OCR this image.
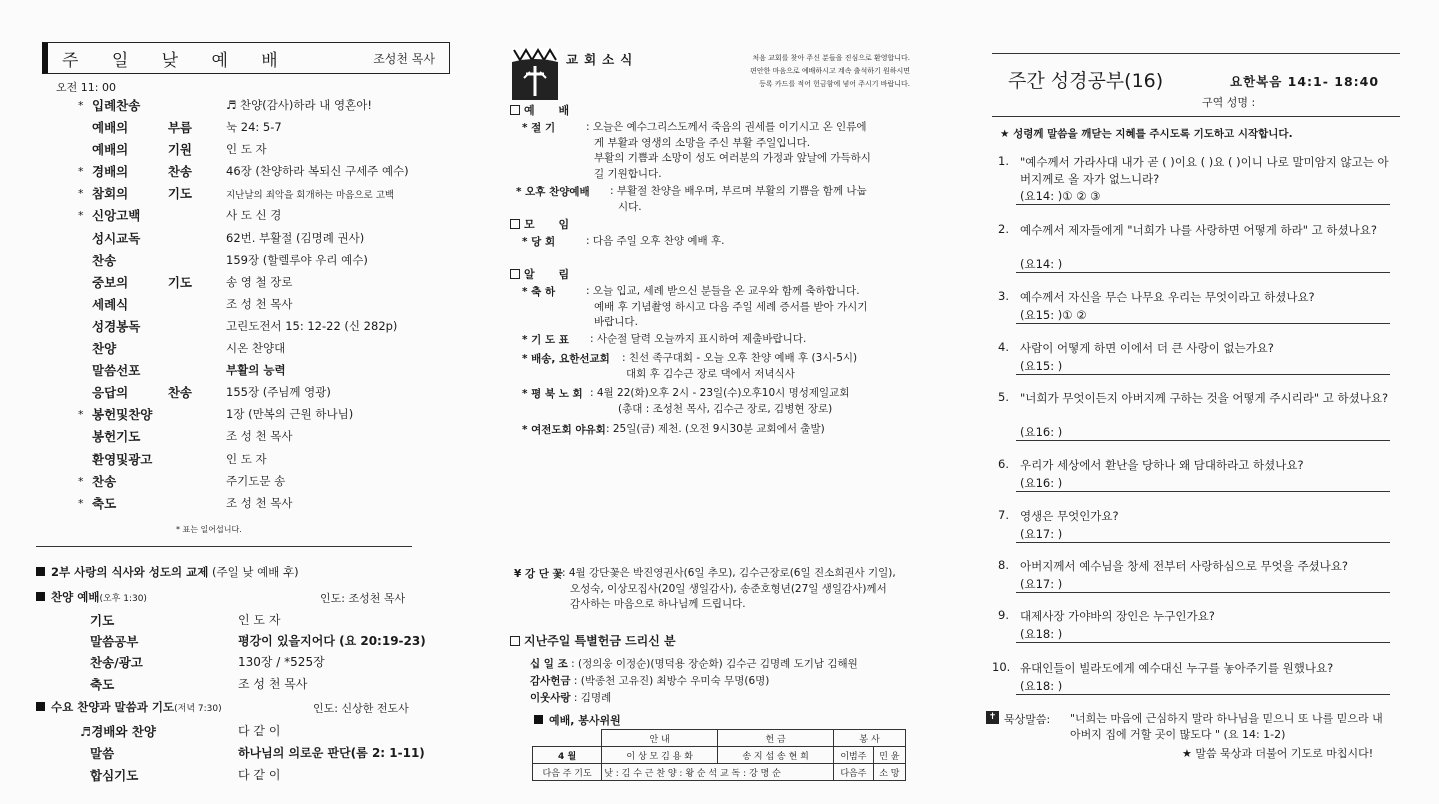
주 일 낮 예 배	조성천 목사
오전 11: 00
* 입례찬송	♬ 찬양(감사)하라 내 영혼아!
예배의 부름	눅 24: 5-7
예배의 기원	인 도 자
* 경배의 찬송	46장 (찬양하라 복되신 구세주 예수)
* 참회의 기도	지난날의 죄악을 회개하는 마음으로 고백
* 신앙고백	사 도 신 경
성시교독	62번. 부활절 (김명례 권사)
찬송	159장 (할렐루야 우리 예수)
중보의 기도	송 영 철 장로
세례식	조 성 천 목사
성경봉독	고린도전서 15: 12-22 (신 282p)
찬양	시온 찬양대
말씀선포	부활의 능력
응답의 찬송	155장 (주님께 영광)
* 봉헌및찬양	1장 (만복의 근원 하나님)
봉헌기도	조 성 천 목사
환영및광고	인 도 자
* 찬송	주기도문 송
* 축도	조 성 천 목사
* 표는 일어섭니다.
2부 사랑의 식사와 성도의 교제 (주일 낮 예배 후)
찬양 예배(오후 1:30)	인도: 조성천 목사
기도	인 도 자
말씀공부	평강이 있을지어다 (요 20:19-23)
찬송/광고	130장 / *525장
축도	조 성 천 목사
수요 찬양과 말씀과 기도(저녁 7:30)	인도: 신상한 전도사
♬경배와 찬양	다 같 이
말씀	하나님의 의로운 판단(롬 2: 1-11)
합심기도	다 같 이
교회소식	처음 교회를 찾아 주신 분들을 진심으로 환영합니다.
편안한 마음으로 예배하시고 계속 출석하기 원하시면
등록 카드를 적어 헌금함에 넣어 주시기 바랍니다.
예 배
* 절 기	: 오늘은 예수그리스도께서 죽음의 권세를 이기시고 온 인류에
게 부활과 영생의 소망을 주신 부활 주일입니다.
부활의 기쁨과 소망이 성도 여러분의 가정과 앞날에 가득하시
길 기원합니다.
* 오후 찬양예배 : 부활절 찬양을 배우며, 부르며 부활의 기쁨을 함께 나눕
시다.
모 임
* 당 회	: 다음 주일 오후 찬양 예배 후.
알 림
* 축 하	: 오늘 입교, 세례 받으신 분들을 온 교우와 함께 축하합니다.
예배 후 기념촬영 하시고 다음 주일 세례 증서를 받아 가시기
바랍니다.
* 기 도 표 : 사순절 달력 오늘까지 표시하여 제출바랍니다.
* 배송, 요한선교회 : 친선 족구대회 - 오늘 오후 찬양 예배 후 (3시-5시)
대회 후 김수근 장로 댁에서 저녁식사
* 평 북 노 회 : 4월 22(화)오후 2시 - 23일(수)오후10시 명성제일교회
(총대 : 조성천 목사, 김수근 장로, 김병현 장로)
* 여전도회 야유회 : 25일(금) 제천. (오전 9시30분 교회에서 출발)
¥ 강 단 꽃 : 4월 강단꽃은 박진영권사(6일 추모), 김수근장로(6일 진소희권사 기일),
오성숙, 이상모집사(20일 생일감사), 송준호형년(27일 생일감사)께서
감사하는 마음으로 하나님께 드립니다.
지난주일 특별헌금 드리신 분
십 일 조 : (정의웅 이정순)(명덕용 장순화) 김수근 김명례 도기남 김해원
감사헌금 : (박종천 고유진) 최방수 우미숙 무명(6명)
이웃사랑 : 김명례
예배, 봉사위원
	안 내	헌 금	봉 사	
4 월	이 상 모 김 용 화	송 지 섭 송 현 희	이범주	민 윤
다음 주 기도	낮 : 김 수 근 찬 양 : 왕 순 석 교 독 : 강 명 순		다음주	소 망
주간 성경공부(16)	요한복음 14:1- 18:40
구역 성명 :
★ 성령께 말씀을 깨닫는 지혜를 주시도록 기도하고 시작합니다.
1. "예수께서 가라사대 내가 곧 ( )이요 ( )요 ( )이니 나로 말미암지 않고는 아버지께로 올 자가 없느니라?
(요14: )① ② ③
2. 예수께서 제자들에게 "너희가 나를 사랑하면 어떻게 하라" 고 하셨나요?
(요14: )
3. 예수께서 자신을 무슨 나무요 우리는 무엇이라고 하셨나요?
(요15: )① ②
4. 사람이 어떻게 하면 이에서 더 큰 사랑이 없는가요?
(요15: )
5. "너희가 무엇이든지 아버지께 구하는 것을 어떻게 주시리라" 고 하셨나요?
(요16: )
6. 우리가 세상에서 환난을 당하나 왜 담대하라고 하셨나요?
(요16: )
7. 영생은 무엇인가요?
(요17: )
8. 아버지께서 예수님을 창세 전부터 사랑하심으로 무엇을 주셨나요?
(요17: )
9. 대제사장 가야바의 장인은 누구인가요?
(요18: )
10. 유대인들이 빌라도에게 예수대신 누구를 놓아주기를 원했나요?
(요18: )
✝ 묵상말씀: "너희는 마음에 근심하지 말라 하나님을 믿으니 또 나를 믿으라 내 아버지 집에 거할 곳이 많도다 " (요 14: 1-2)
★ 말씀 묵상과 더불어 기도로 마칩시다!
